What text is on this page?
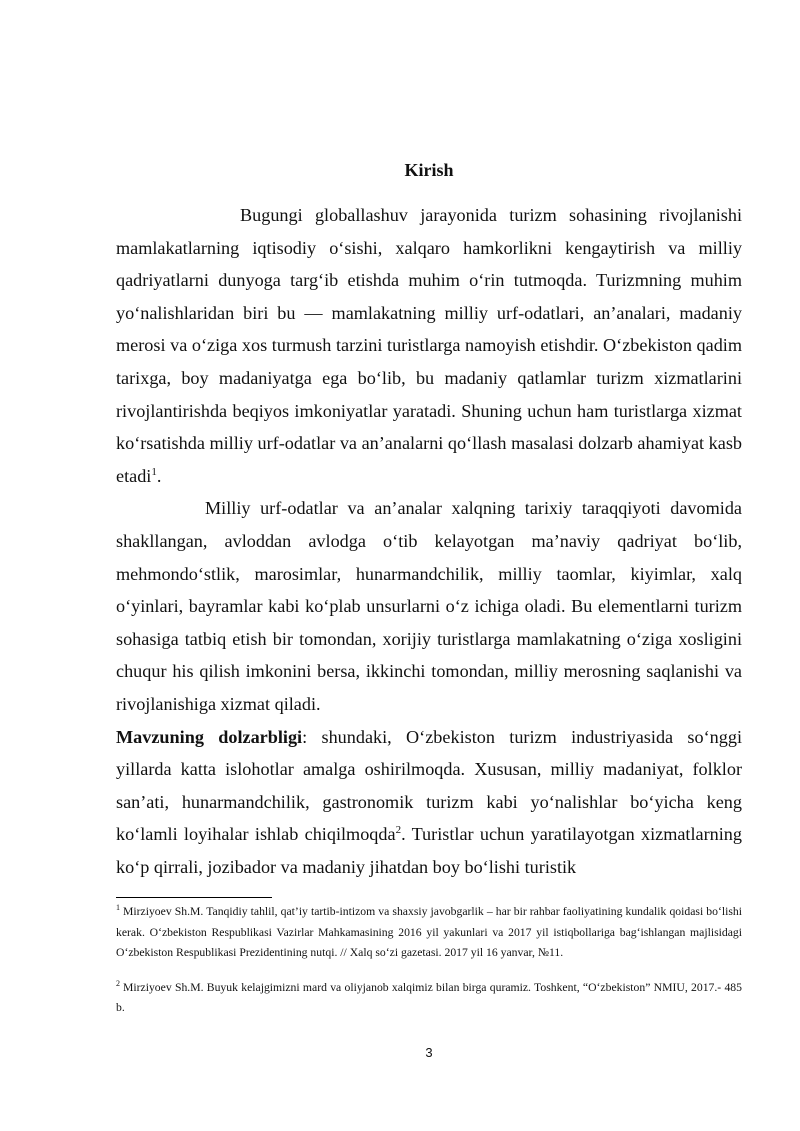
Kirish

Bugungi globallashuv jarayonida turizm sohasining rivojlanishi mamlakatlarning iqtisodiy o‘sishi, xalqaro hamkorlikni kengaytirish va milliy qadriyatlarni dunyoga targ‘ib etishda muhim o‘rin tutmoqda. Turizmning muhim yo‘nalishlaridan biri bu — mamlakatning milliy urf-odatlari, an’analari, madaniy merosi va o‘ziga xos turmush tarzini turistlarga namoyish etishdir. O‘zbekiston qadim tarixga, boy madaniyatga ega bo‘lib, bu madaniy qatlamlar turizm xizmatlarini rivojlantirishda beqiyos imkoniyatlar yaratadi. Shuning uchun ham turistlarga xizmat ko‘rsatishda milliy urf-odatlar va an’analarni qo‘llash masalasi dolzarb ahamiyat kasb etadi$^1$.

Milliy urf-odatlar va an’analar xalqning tarixiy taraqqiyoti davomida shakllangan, avloddan avlodga o‘tib kelayotgan ma’naviy qadriyat bo‘lib, mehmondo‘stlik, marosimlar, hunarmandchilik, milliy taomlar, kiyimlar, xalq o‘yinlari, bayramlar kabi ko‘plab unsurlarni o‘z ichiga oladi. Bu elementlarni turizm sohasiga tatbiq etish bir tomondan, xorijiy turistlarga mamlakatning o‘ziga xosligini chuqur his qilish imkonini bersa, ikkinchi tomondan, milliy merosning saqlanishi va rivojlanishiga xizmat qiladi.

Mavzuning dolzarbligi: shundaki, O‘zbekiston turizm industriyasida so‘nggi yillarda katta islohotlar amalga oshirilmoqda. Xususan, milliy madaniyat, folklor san’ati, hunarmandchilik, gastronomik turizm kabi yo‘nalishlar bo‘yicha keng ko‘lamli loyihalar ishlab chiqilmoqda$^2$. Turistlar uchun yaratilayotgan xizmatlarning ko‘p qirrali, jozibador va madaniy jihatdan boy bo‘lishi turistik

$^1$ Mirziyoev Sh.M. Tanqidiy tahlil, qat’iy tartib-intizom va shaxsiy javobgarlik – har bir rahbar faoliyatining kundalik qoidasi bo‘lishi kerak. O‘zbekiston Respublikasi Vazirlar Mahkamasining 2016 yil yakunlari va 2017 yil istiqbollariga bag‘ishlangan majlisidagi O‘zbekiston Respublikasi Prezidentining nutqi. // Xalq so‘zi gazetasi. 2017 yil 16 yanvar, №11.

$^2$ Mirziyoev Sh.M. Buyuk kelajgimizni mard va oliyjanob xalqimiz bilan birga quramiz. Toshkent, “O‘zbekiston” NMIU, 2017.- 485 b.

3
